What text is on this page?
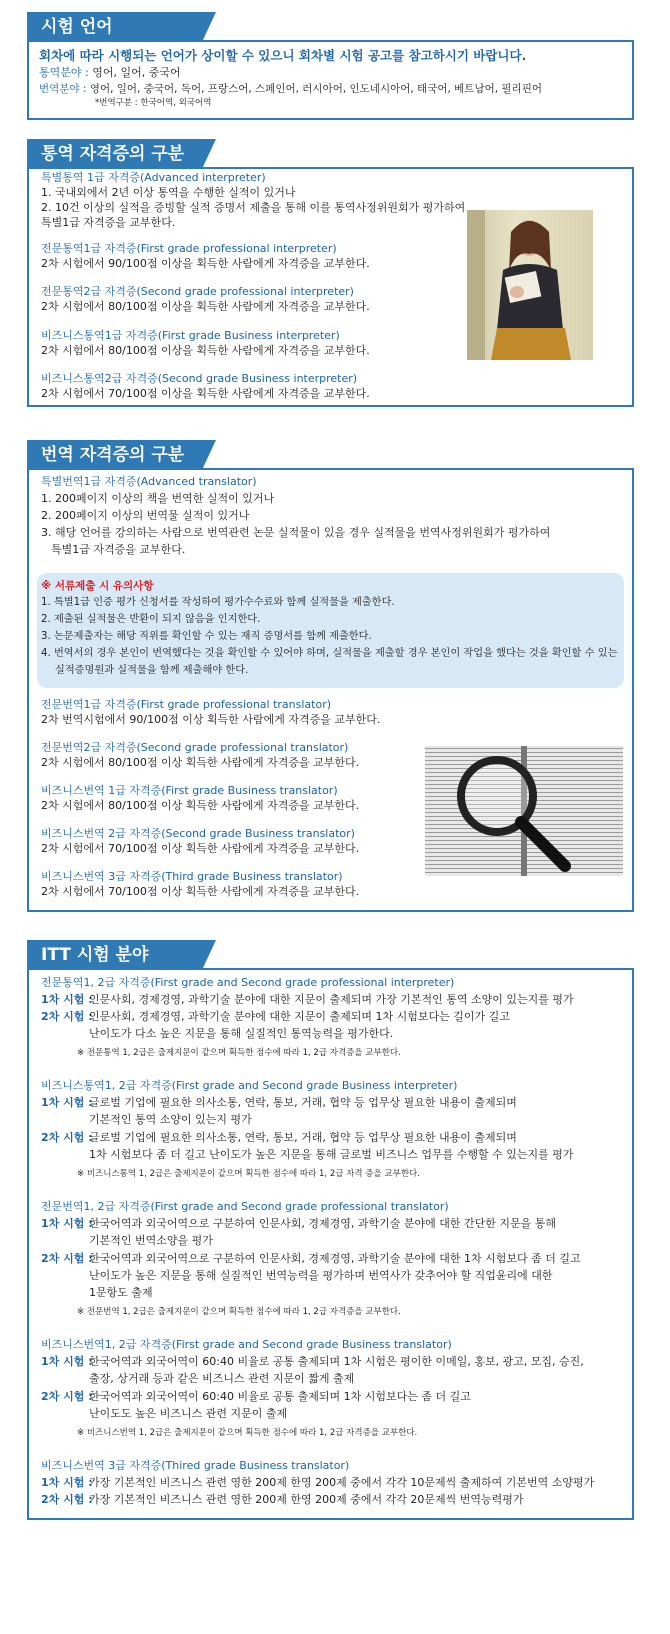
시험 언어
회차에 따라 시행되는 언어가 상이할 수 있으니 회차별 시험 공고를 참고하시기 바랍니다.
통역분야 : 영어, 일어, 중국어
번역분야 : 영어, 일어, 중국어, 독어, 프랑스어, 스페인어, 러시아어, 인도네시아어, 태국어, 베트남어, 필리핀어
*번역구분 : 한국어역, 외국어역
통역 자격증의 구분
특별통역 1급 자격증(Advanced interpreter)
1. 국내외에서 2년 이상 통역을 수행한 실적이 있거나
2. 10건 이상의 실적을 증빙할 실적 증명서 제출을 통해 이를 통역사정위원회가 평가하여
특별1급 자격증을 교부한다.
전문통역1급 자격증(First grade professional interpreter)
2차 시험에서 90/100점 이상을 획득한 사람에게 자격증을 교부한다.
전문통역2급 자격증(Second grade professional interpreter)
2차 시험에서 80/100점 이상을 획득한 사람에게 자격증을 교부한다.
비즈니스통역1급 자격증(First grade Business interpreter)
2차 시험에서 80/100점 이상을 획득한 사람에게 자격증을 교부한다.
비즈니스통역2급 자격증(Second grade Business interpreter)
2차 시험에서 70/100점 이상을 획득한 사람에게 자격증을 교부한다.
번역 자격증의 구분
특별번역1급 자격증(Advanced translator)
1. 200페이지 이상의 책을 번역한 실적이 있거나
2. 200페이지 이상의 번역물 실적이 있거나
3. 해당 언어를 강의하는 사람으로 번역관련 논문 실적물이 있을 경우 실적물을 번역사정위원회가 평가하여
특별1급 자격증을 교부한다.
※ 서류제출 시 유의사항
1. 특별1급 인증 평가 신청서를 작성하여 평가수수료와 함께 실적물을 제출한다.
2. 제출된 실적물은 반환이 되지 않음을 인지한다.
3. 논문제출자는 해당 직위를 확인할 수 있는 재직 증명서를 함께 제출한다.
4. 번역서의 경우 본인이 번역했다는 것을 확인할 수 있어야 하며, 실적물을 제출할 경우 본인이 작업을 했다는 것을 확인할 수 있는
실적증명원과 실적물을 함께 제출해야 한다.
전문번역1급 자격증(First grade professional translator)
2차 번역시험에서 90/100점 이상 획득한 사람에게 자격증을 교부한다.
전문번역2급 자격증(Second grade professional translator)
2차 시험에서 80/100점 이상 획득한 사람에게 자격증을 교부한다.
비즈니스번역 1급 자격증(First grade Business translator)
2차 시험에서 80/100점 이상 획득한 사람에게 자격증을 교부한다.
비즈니스번역 2급 자격증(Second grade Business translator)
2차 시험에서 70/100점 이상 획득한 사람에게 자격증을 교부한다.
비즈니스번역 3급 자격증(Third grade Business translator)
2차 시험에서 70/100점 이상 획득한 사람에게 자격증을 교부한다.
ITT 시험 분야
전문통역1, 2급 자격증(First grade and Second grade professional interpreter)
1차 시험 :
인문사회, 경제경영, 과학기술 분야에 대한 지문이 출제되며 가장 기본적인 통역 소양이 있는지를 평가
2차 시험 :
인문사회, 경제경영, 과학기술 분야에 대한 지문이 출제되며 1차 시험보다는 길이가 길고
난이도가 다소 높은 지문을 통해 실질적인 통역능력을 평가한다.
※ 전문통역 1, 2급은 출제지문이 같으며 획득한 점수에 따라 1, 2급 자격증을 교부한다.
비즈니스통역1, 2급 자격증(First grade and Second grade Business interpreter)
1차 시험 :
글로벌 기업에 필요한 의사소통, 연락, 통보, 거래, 협약 등 업무상 필요한 내용이 출제되며
기본적인 통역 소양이 있는지 평가
2차 시험 :
글로벌 기업에 필요한 의사소통, 연락, 통보, 거래, 협약 등 업무상 필요한 내용이 출제되며
1차 시험보다 좀 더 길고 난이도가 높은 지문을 통해 글로벌 비즈니스 업무를 수행할 수 있는지를 평가
※ 비즈니스통역 1, 2급은 출제지문이 같으며 획득한 점수에 따라 1, 2급 자격 증을 교부한다.
전문번역1, 2급 자격증(First grade and Second grade professional translator)
1차 시험 :
한국어역과 외국어역으로 구분하여 인문사회, 경제경영, 과학기술 분야에 대한 간단한 지문을 통해
기본적인 번역소양을 평가
2차 시험 :
한국어역과 외국어역으로 구분하여 인문사회, 경제경영, 과학기술 분야에 대한 1차 시험보다 좀 더 길고
난이도가 높은 지문을 통해 실질적인 번역능력을 평가하며 번역사가 갖추어야 할 직업윤리에 대한
1문항도 출제
※ 전문번역 1, 2급은 출제지문이 같으며 획득한 점수에 따라 1, 2급 자격증을 교부한다.
비즈니스번역1, 2급 자격증(First grade and Second grade Business translator)
1차 시험 :
한국어역과 외국어역이 60:40 비율로 공통 출제되며 1차 시험은 평이한 이메일, 홍보, 광고, 모집, 승진,
출장, 상거래 등과 같은 비즈니스 관련 지문이 짧게 출제
2차 시험 :
한국어역과 외국어역이 60:40 비율로 공통 출제되며 1차 시험보다는 좀 더 길고
난이도도 높은 비즈니스 관련 지문이 출제
※ 비즈니스번역 1, 2급은 출제지문이 같으며 획득한 점수에 따라 1, 2급 자격증을 교부한다.
비즈니스번역 3급 자격증(Thired grade Business translator)
1차 시험 :
가장 기본적인 비즈니스 관련 영한 200제 한영 200제 중에서 각각 10문제씩 출제하여 기본번역 소양평가
2차 시험 :
가장 기본적인 비즈니스 관련 영한 200제 한영 200제 중에서 각각 20문제씩 번역능력평가
